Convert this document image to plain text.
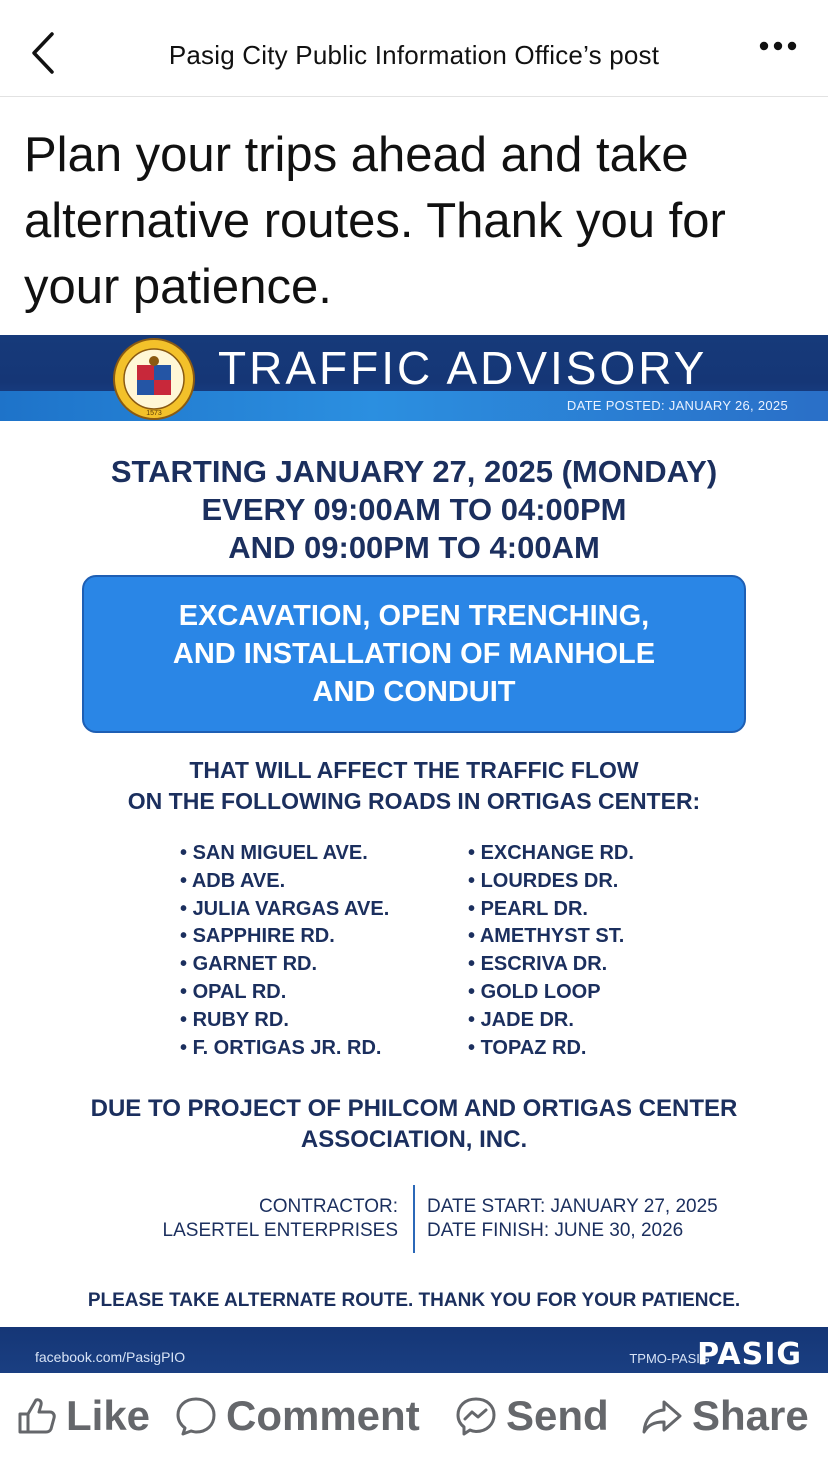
Pasig City Public Information Office’s post
Plan your trips ahead and take alternative routes. Thank you for your patience.
1573
TRAFFIC ADVISORY
DATE POSTED: JANUARY 26, 2025
STARTING JANUARY 27, 2025 (MONDAY)
EVERY 09:00AM TO 04:00PM
AND 09:00PM TO 4:00AM
EXCAVATION, OPEN TRENCHING,
AND INSTALLATION OF MANHOLE
AND CONDUIT
THAT WILL AFFECT THE TRAFFIC FLOW
ON THE FOLLOWING ROADS IN ORTIGAS CENTER:
• SAN MIGUEL AVE.
• ADB AVE.
• JULIA VARGAS AVE.
• SAPPHIRE RD.
• GARNET RD.
• OPAL RD.
• RUBY RD.
• F. ORTIGAS JR. RD.
• EXCHANGE RD.
• LOURDES DR.
• PEARL DR.
• AMETHYST ST.
• ESCRIVA DR.
• GOLD LOOP
• JADE DR.
• TOPAZ RD.
DUE TO PROJECT OF PHILCOM AND ORTIGAS CENTER
ASSOCIATION, INC.
CONTRACTOR:
LASERTEL ENTERPRISES
DATE START: JANUARY 27, 2025
DATE FINISH: JUNE 30, 2026
PLEASE TAKE ALTERNATE ROUTE. THANK YOU FOR YOUR PATIENCE.
facebook.com/PasigPIO	TPMO-PASIG
PASIG
Like Comment Send Share
